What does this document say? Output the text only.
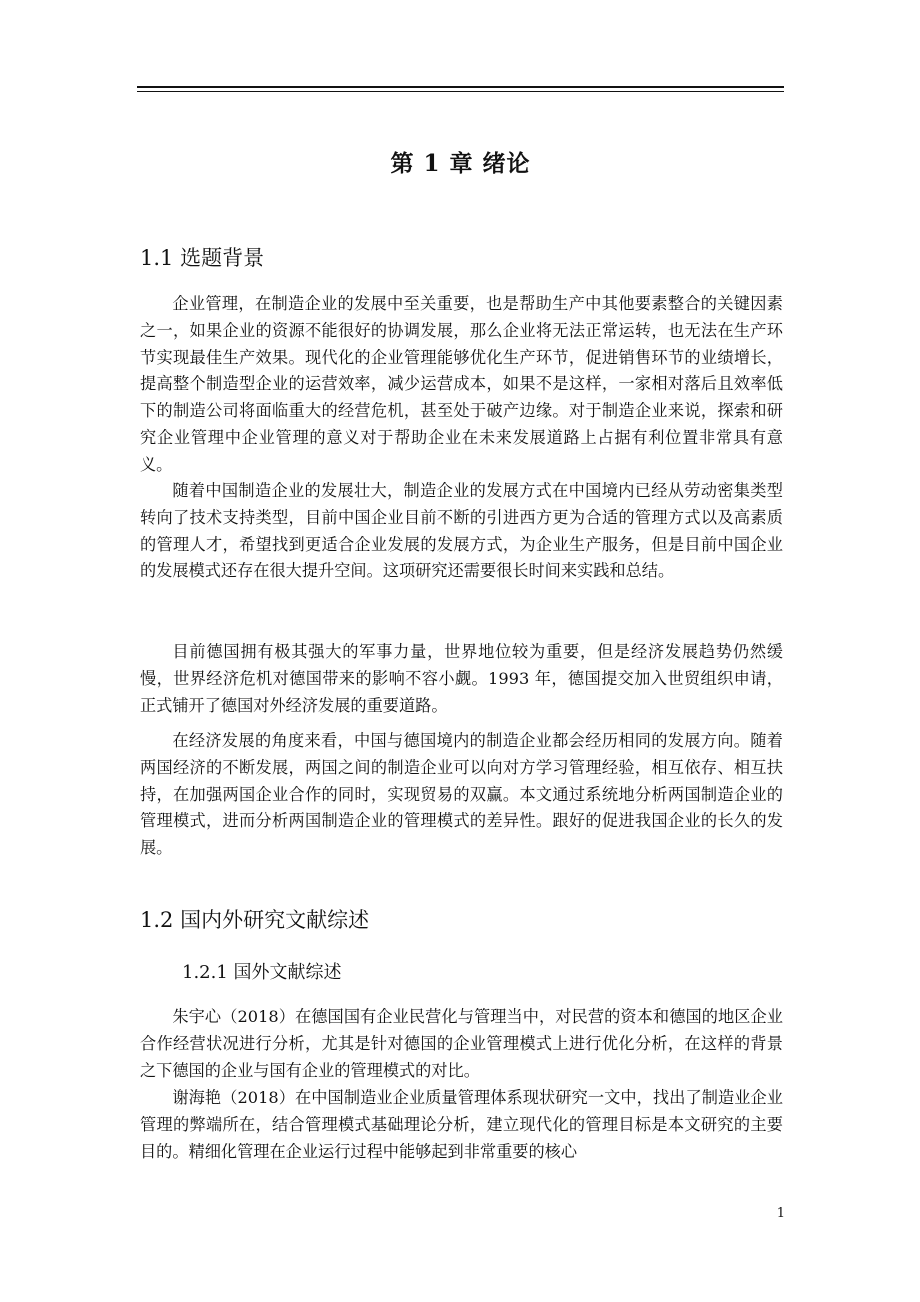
第 1 章 绪论
1.1 选题背景

企业管理，在制造企业的发展中至关重要，也是帮助生产中其他要素整合的关键因素之一，如果企业的资源不能很好的协调发展，那么企业将无法正常运转，也无法在生产环节实现最佳生产效果。现代化的企业管理能够优化生产环节，促进销售环节的业绩增长，提高整个制造型企业的运营效率，减少运营成本，如果不是这样，一家相对落后且效率低下的制造公司将面临重大的经营危机，甚至处于破产边缘。对于制造企业来说，探索和研究企业管理中企业管理的意义对于帮助企业在未来发展道路上占据有利位置非常具有意义。

随着中国制造企业的发展壮大，制造企业的发展方式在中国境内已经从劳动密集类型转向了技术支持类型，目前中国企业目前不断的引进西方更为合适的管理方式以及高素质的管理人才，希望找到更适合企业发展的发展方式，为企业生产服务，但是目前中国企业的发展模式还存在很大提升空间。这项研究还需要很长时间来实践和总结。

目前德国拥有极其强大的军事力量，世界地位较为重要，但是经济发展趋势仍然缓慢，世界经济危机对德国带来的影响不容小觑。1993 年，德国提交加入世贸组织申请，正式铺开了德国对外经济发展的重要道路。

在经济发展的角度来看，中国与德国境内的制造企业都会经历相同的发展方向。随着两国经济的不断发展，两国之间的制造企业可以向对方学习管理经验，相互依存、相互扶持，在加强两国企业合作的同时，实现贸易的双赢。本文通过系统地分析两国制造企业的管理模式，进而分析两国制造企业的管理模式的差异性。跟好的促进我国企业的长久的发展。

1.2 国内外研究文献综述
1.2.1 国外文献综述

朱宇心（2018）在德国国有企业民营化与管理当中，对民营的资本和德国的地区企业合作经营状况进行分析，尤其是针对德国的企业管理模式上进行优化分析，在这样的背景之下德国的企业与国有企业的管理模式的对比。

谢海艳（2018）在中国制造业企业质量管理体系现状研究一文中，找出了制造业企业管理的弊端所在，结合管理模式基础理论分析，建立现代化的管理目标是本文研究的主要目的。精细化管理在企业运行过程中能够起到非常重要的核心

1
